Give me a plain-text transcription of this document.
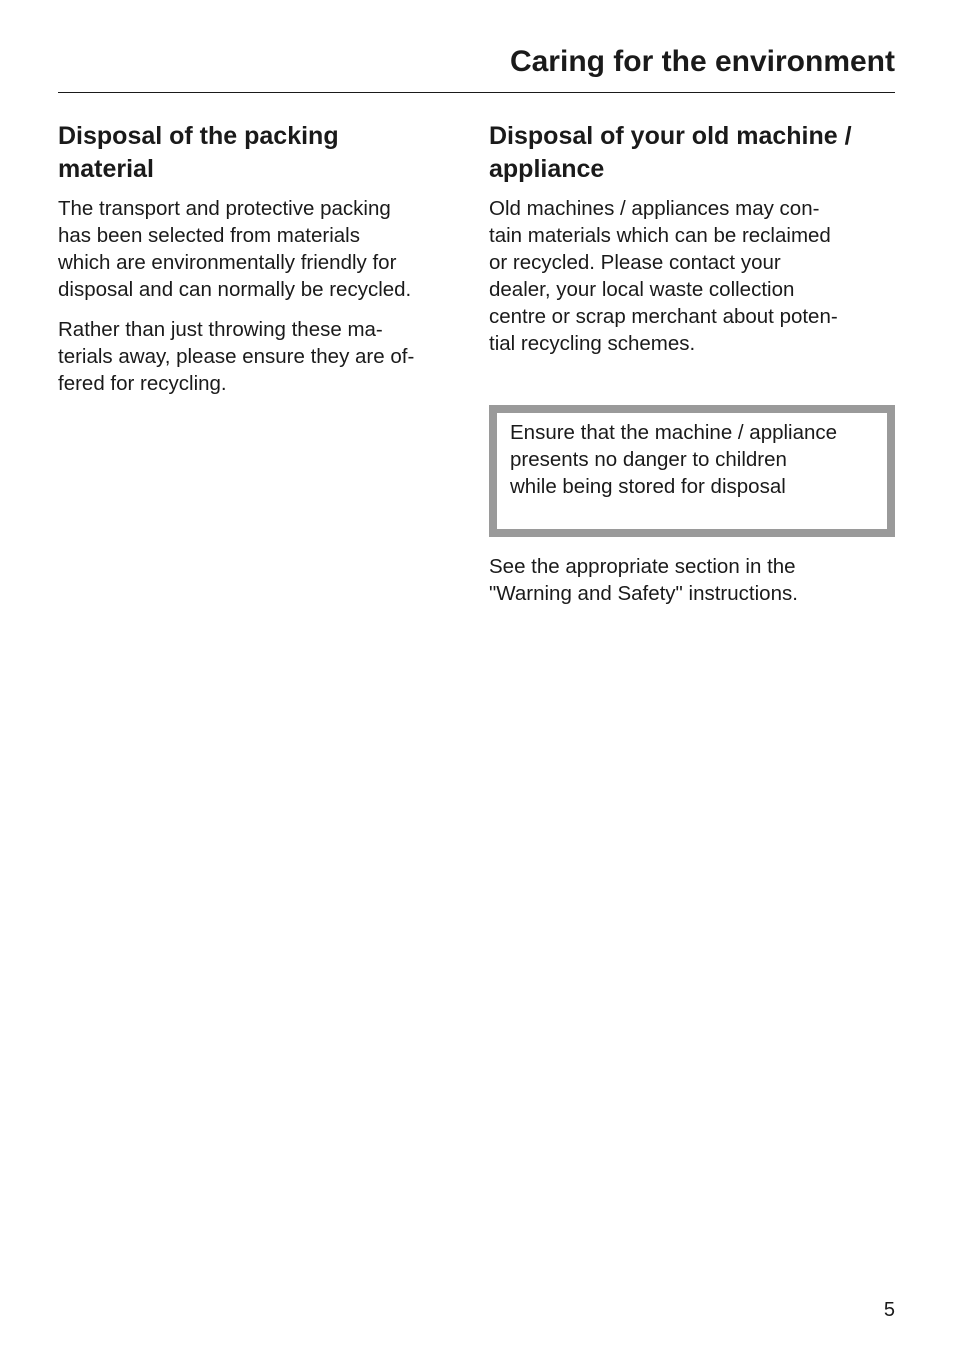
Caring for the environment
Disposal of the packing
material

The transport and protective packing
has been selected from materials
which are environmentally friendly for
disposal and can normally be recycled.

Rather than just throwing these ma-
terials away, please ensure they are of-
fered for recycling.

Disposal of your old machine /
appliance

Old machines / appliances may con-
tain materials which can be reclaimed
or recycled. Please contact your
dealer, your local waste collection
centre or scrap merchant about poten-
tial recycling schemes.

Ensure that the machine / appliance
presents no danger to children
while being stored for disposal

See the appropriate section in the
"Warning and Safety" instructions.

5
